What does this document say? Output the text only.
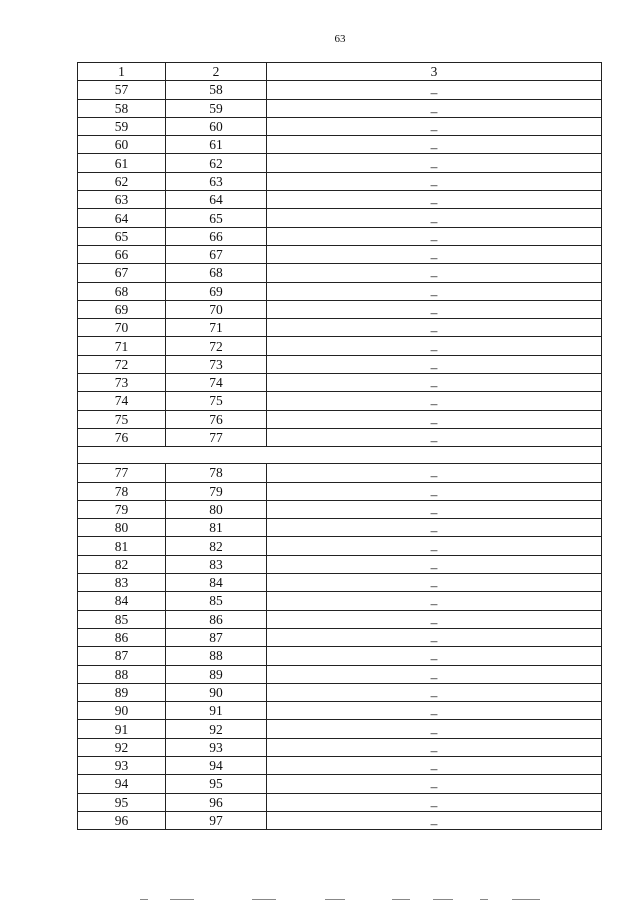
63
1	2	3
57	58	–
58	59	–
59	60	–
60	61	–
61	62	–
62	63	–
63	64	–
64	65	–
65	66	–
66	67	–
67	68	–
68	69	–
69	70	–
70	71	–
71	72	–
72	73	–
73	74	–
74	75	–
75	76	–
76	77	–

77	78	–
78	79	–
79	80	–
80	81	–
81	82	–
82	83	–
83	84	–
84	85	–
85	86	–
86	87	–
87	88	–
88	89	–
89	90	–
90	91	–
91	92	–
92	93	–
93	94	–
94	95	–
95	96	–
96	97	–
